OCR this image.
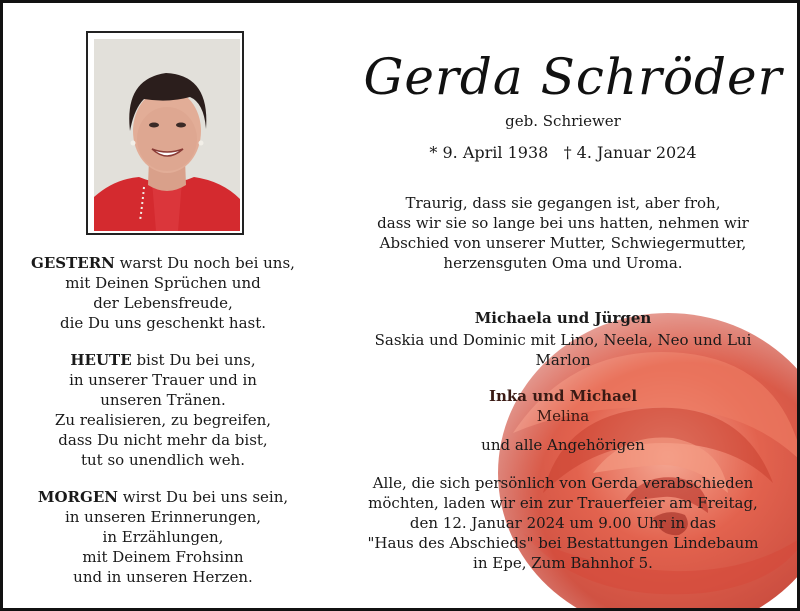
GESTERN warst Du noch bei uns,
mit Deinen Sprüchen und
der Lebensfreude,
die Du uns geschenkt hast.
HEUTE bist Du bei uns,
in unserer Trauer und in
unseren Tränen.
Zu realisieren, zu begreifen,
dass Du nicht mehr da bist,
tut so unendlich weh.
MORGEN wirst Du bei uns sein,
in unseren Erinnerungen,
in Erzählungen,
mit Deinem Frohsinn
und in unseren Herzen.
Gerda Schröder
geb. Schriewer
* 9. April 1938 † 4. Januar 2024
Traurig, dass sie gegangen ist, aber froh,
dass wir sie so lange bei uns hatten, nehmen wir
Abschied von unserer Mutter, Schwiegermutter,
herzensguten Oma und Uroma.
Michaela und Jürgen
Saskia und Dominic mit Lino, Neela, Neo und Lui
Marlon
Inka und Michael
Melina
und alle Angehörigen
Alle, die sich persönlich von Gerda verabschieden
möchten, laden wir ein zur Trauerfeier am Freitag,
den 12. Januar 2024 um 9.00 Uhr in das
"Haus des Abschieds" bei Bestattungen Lindebaum
in Epe, Zum Bahnhof 5.
